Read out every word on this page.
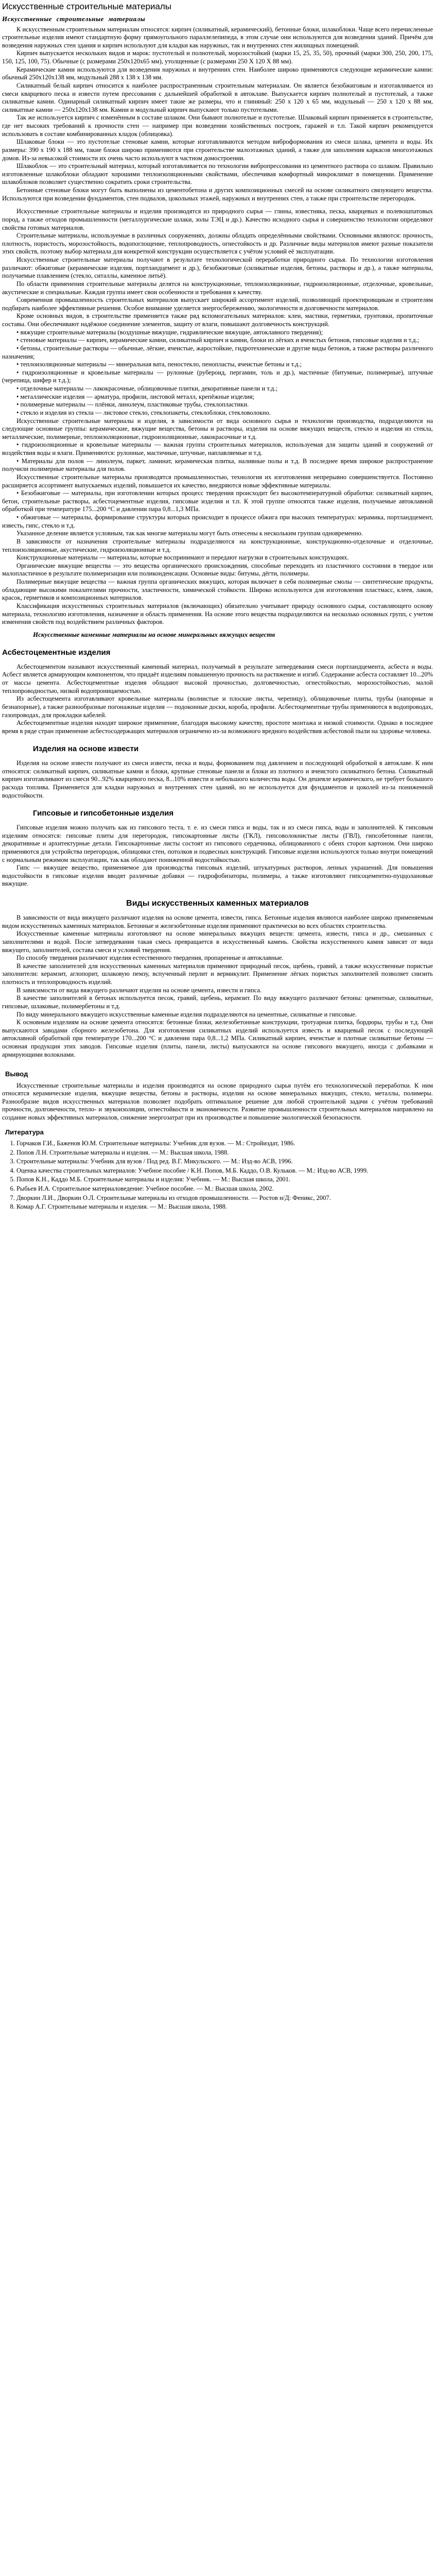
Искусственные строительные материалы
Искусственные строительные материалы

К искусственным строительным материалам относятся: кирпич (силикатный, керамический), бетонные блоки, шлакоблоки. Чаще всего перечисленные строительные изделия имеют стандартную форму прямоугольного параллелепипеда, в этом случае они используются для возведения зданий. Причём для возведения наружных стен здания и кирпич используют для кладки как наружных, так и внутренних стен жилищных помещений.

Кирпич выпускается нескольких видов и марок: пустотелый и полнотелый, морозостойкий (марки 15, 25, 35, 50), прочный (марки 300, 250, 200, 175, 150, 125, 100, 75). Обычные (с размерами 250х120х65 мм), утолщенные (с размерами 250 Х 120 Х 88 мм).

Керамические камни используются для возведения наружных и внутренних стен. Наиболее широко применяются следующие керамические камни: обычный 250х120х138 мм, модульный 288 х 138 х 138 мм.

Силикатный белый кирпич относится к наиболее распространенным строительным материалам. Он является безобжиговым и изготавливается из смеси кварцевого песка и извести путем прессования с дальнейшей обработкой в автоклаве. Выпускается кирпич полнотелый и пустотелый, а также силикатные камни. Одинарный силикатный кирпич имеет такие же размеры, что и глиняный: 250 х 120 х 65 мм, модульный — 250 х 120 х 88 мм, силикатные камни — 250х120х138 мм. Камни и модульный кирпич выпускают только пустотелыми.

Так же используется кирпич с изменённым в составе шлаком. Они бывают полнотелые и пустотелые. Шлаковый кирпич применяется в строительстве, где нет высоких требований к прочности стен — например при возведении хозяйственных построек, гаражей и т.п. Такой кирпич рекомендуется использовать в составе комбинированных кладок (облицовка).

Шлаковые блоки — это пустотелые стеновые камни, которые изготавливаются методом виброформования из смеси шлака, цемента и воды. Их размеры: 390 х 190 х 188 мм, такие блоки широко применяются при строительстве малоэтажных зданий, а также для заполнения каркасов многоэтажных домов. Из-за невысокой стоимости их очень часто используют в частном домостроении.

Шлакоблок — это строительный материал, который изготавливается по технологии вибропрессования из цементного раствора со шлаком. Правильно изготовленные шлакоблоки обладают хорошими теплоизоляционными свойствами, обеспечивая комфортный микроклимат в помещении. Применение шлакоблоков позволяет существенно сократить сроки строительства.

Бетонные стеновые блоки могут быть выполнены из цементобетона и других композиционных смесей на основе силикатного связующего вещества. Используются при возведении фундаментов, стен подвалов, цокольных этажей, наружных и внутренних стен, а также при строительстве перегородок.

Искусственные строительные материалы и изделия производятся из природного сырья — глины, известняка, песка, кварцевых и полевошпатовых пород, а также отходов промышленности (металлургические шлаки, золы ТЭЦ и др.). Качество исходного сырья и совершенство технологии определяют свойства готовых материалов.

Строительные материалы, используемые в различных сооружениях, должны обладать определёнными свойствами. Основными являются: прочность, плотность, пористость, морозостойкость, водопоглощение, теплопроводность, огнестойкость и др. Различные виды материалов имеют разные показатели этих свойств, поэтому выбор материала для конкретной конструкции осуществляется с учётом условий её эксплуатации.

Искусственные строительные материалы получают в результате технологической переработки природного сырья. По технологии изготовления различают: обжиговые (керамические изделия, портландцемент и др.), безобжиговые (силикатные изделия, бетоны, растворы и др.), а также материалы, получаемые плавлением (стекло, ситаллы, каменное литьё).

По области применения строительные материалы делятся на конструкционные, теплоизоляционные, гидроизоляционные, отделочные, кровельные, акустические и специальные. Каждая группа имеет свои особенности и требования к качеству.

Современная промышленность строительных материалов выпускает широкий ассортимент изделий, позволяющий проектировщикам и строителям подбирать наиболее эффективные решения. Особое внимание уделяется энергосбережению, экологичности и долговечности материалов.

Кроме основных видов, в строительстве применяется также ряд вспомогательных материалов: клеи, мастики, герметики, грунтовки, пропиточные составы. Они обеспечивают надёжное соединение элементов, защиту от влаги, повышают долговечность конструкций.

• вяжущие строительные материалы (воздушные вяжущие, гидравлические вяжущие, автоклавного твердения);

• стеновые материалы — кирпич, керамические камни, силикатный кирпич и камни, блоки из лёгких и ячеистых бетонов, гипсовые изделия и т.д.;

• бетоны, строительные растворы — обычные, лёгкие, ячеистые, жаростойкие, гидротехнические и другие виды бетонов, а также растворы различного назначения;

• теплоизоляционные материалы — минеральная вата, пеностекло, пенопласты, ячеистые бетоны и т.д.;

• гидроизоляционные и кровельные материалы — рулонные (рубероид, пергамин, толь и др.), мастичные (битумные, полимерные), штучные (черепица, шифер и т.д.);

• отделочные материалы — лакокрасочные, облицовочные плитки, декоративные панели и т.д.;

• металлические изделия — арматура, профили, листовой металл, крепёжные изделия;

• полимерные материалы — плёнки, линолеум, пластиковые трубы, стеклопластики.

• стекло и изделия из стекла — листовое стекло, стеклопакеты, стеклоблоки, стекловолокно.

Искусственные строительные материалы и изделия, в зависимости от вида основного сырья и технологии производства, подразделяются на следующие основные группы: керамические, вяжущие вещества, бетоны и растворы, изделия на основе вяжущих веществ, стекло и изделия из стекла, металлические, полимерные, теплоизоляционные, гидроизоляционные, лакокрасочные и т.д.

• гидроизоляционные и кровельные материалы — важная группа строительных материалов, используемая для защиты зданий и сооружений от воздействия воды и влаги. Применяются: рулонные, мастичные, штучные, наплавляемые и т.д.

• Материалы для полов — линолеум, паркет, ламинат, керамическая плитка, наливные полы и т.д. В последнее время широкое распространение получили полимерные материалы для полов.

Искусственные строительные материалы производятся промышленностью, технология их изготовления непрерывно совершенствуется. Постоянно расширяется ассортимент выпускаемых изделий, повышается их качество, внедряются новые эффективные материалы.

• Безобжиговые — материалы, при изготовлении которых процесс твердения происходит без высокотемпературной обработки: силикатный кирпич, бетон, строительные растворы, асбестоцементные изделия, гипсовые изделия и т.п. К этой группе относятся также изделия, получаемые автоклавной обработкой при температуре 175...200 °С и давлении пара 0,8...1,3 МПа.

• обжиговые — материалы, формирование структуры которых происходит в процессе обжига при высоких температурах: керамика, портландцемент, известь, гипс, стекло и т.д.

Указанное деление является условным, так как многие материалы могут быть отнесены к нескольким группам одновременно.

В зависимости от назначения строительные материалы подразделяются на конструкционные, конструкционно-отделочные и отделочные, теплоизоляционные, акустические, гидроизоляционные и т.д.

Конструкционные материалы — материалы, которые воспринимают и передают нагрузки в строительных конструкциях.

Органические вяжущие вещества — это вещества органического происхождения, способные переходить из пластичного состояния в твердое или малопластичное в результате полимеризации или поликонденсации. Основные виды: битумы, дёгти, полимеры.

Полимерные вяжущие вещества — важная группа органических вяжущих, которая включает в себя полимерные смолы — синтетические продукты, обладающие высокими показателями прочности, эластичности, химической стойкости. Широко используются для изготовления пластмасс, клеев, лаков, красок, герметиков и композиционных материалов.

Классификация искусственных строительных материалов (включающих) обязательно учитывает природу основного сырья, составляющего основу материала, технологию изготовления, назначение и область применения. На основе этого вещества подразделяются на несколько основных групп, с учетом изменения свойств под воздействием различных факторов.

Искусственные каменные материалы на основе минеральных вяжущих веществ
Асбестоцементные изделия

Асбестоцементом называют искусственный каменный материал, получаемый в результате затвердевания смеси портландцемента, асбеста и воды. Асбест является армирующим компонентом, что придаёт изделиям повышенную прочность на растяжение и изгиб. Содержание асбеста составляет 10...20% от массы цемента. Асбестоцементные изделия обладают высокой прочностью, долговечностью, огнестойкостью, морозостойкостью, малой теплопроводностью, низкой водопроницаемостью.

Из асбестоцемента изготавливают кровельные материалы (волнистые и плоские листы, черепицу), облицовочные плиты, трубы (напорные и безнапорные), а также разнообразные погонажные изделия — подоконные доски, короба, профили. Асбестоцементные трубы применяются в водопроводах, газопроводах, для прокладки кабелей.

Асбестоцементные изделия находят широкое применение, благодаря высокому качеству, простоте монтажа и низкой стоимости. Однако в последнее время в ряде стран применение асбестосодержащих материалов ограничено из-за возможного вредного воздействия асбестовой пыли на здоровье человека.

Изделия на основе извести

Изделия на основе извести получают из смеси извести, песка и воды, формованием под давлением и последующей обработкой в автоклаве. К ним относятся: силикатный кирпич, силикатные камни и блоки, крупные стеновые панели и блоки из плотного и ячеистого силикатного бетона. Силикатный кирпич изготавливают из смеси 90...92% кварцевого песка, 8...10% извести и небольшого количества воды. Он дешевле керамического, не требует большого расхода топлива. Применяется для кладки наружных и внутренних стен зданий, но не используется для фундаментов и цоколей из-за пониженной водостойкости.

Гипсовые и гипсобетонные изделия

Гипсовые изделия можно получать как из гипсового теста, т. е. из смеси гипса и воды, так и из смеси гипса, воды и заполнителей. К гипсовым изделиям относятся: гипсовые плиты для перегородок, гипсокартонные листы (ГКЛ), гипсоволокнистые листы (ГВЛ), гипсобетонные панели, декоративные и архитектурные детали. Гипсокартонные листы состоят из гипсового сердечника, облицованного с обеих сторон картоном. Они широко применяются для устройства перегородок, облицовки стен, потолков и подвесных конструкций. Гипсовые изделия используются только внутри помещений с нормальным режимом эксплуатации, так как обладают пониженной водостойкостью.

Гипс — вяжущее вещество, применяемое для производства гипсовых изделий, штукатурных растворов, лепных украшений. Для повышения водостойкости в гипсовые изделия вводят различные добавки — гидрофобизаторы, полимеры, а также изготовляют гипсоцементно-пуццолановые вяжущие.

Виды искусственных каменных материалов

В зависимости от вида вяжущего различают изделия на основе цемента, извести, гипса. Бетонные изделия являются наиболее широко применяемым видом искусственных каменных материалов. Бетонные и железобетонные изделия применяют практически во всех областях строительства.

Искусственные каменные материалы изготовляют на основе минеральных вяжущих веществ: цемента, извести, гипса и др., смешанных с заполнителями и водой. После затвердевания такая смесь превращается в искусственный камень. Свойства искусственного камня зависят от вида вяжущего, заполнителей, состава смеси и условий твердения.

По способу твердения различают изделия естественного твердения, пропаренные и автоклавные.

В качестве заполнителей для искусственных каменных материалов применяют природный песок, щебень, гравий, а также искусственные пористые заполнители: керамзит, аглопорит, шлаковую пемзу, вспученный перлит и вермикулит. Применение лёгких пористых заполнителей позволяет снизить плотность и теплопроводность изделий.

В зависимости от вида вяжущего различают изделия на основе цемента, извести и гипса.

В качестве заполнителей в бетонах используется песок, гравий, щебень, керамзит. По виду вяжущего различают бетоны: цементные, силикатные, гипсовые, шлаковые, полимербетоны и т.д.

По виду минерального вяжущего искусственные каменные изделия подразделяются на цементные, силикатные и гипсовые.

К основным изделиям на основе цемента относятся: бетонные блоки, железобетонные конструкции, тротуарная плитка, бордюры, трубы и т.д. Они выпускаются заводами сборного железобетона. Для изготовления силикатных изделий используется известь и кварцевый песок с последующей автоклавной обработкой при температуре 170...200 °С и давлении пара 0,8...1,2 МПа. Силикатный кирпич, ячеистые и плотные силикатные бетоны — основная продукция этих заводов. Гипсовые изделия (плиты, панели, листы) выпускаются на основе гипсового вяжущего, иногда с добавками и армирующими волокнами.

Вывод

Искусственные строительные материалы и изделия производятся на основе природного сырья путём его технологической переработки. К ним относятся керамические изделия, вяжущие вещества, бетоны и растворы, изделия на основе минеральных вяжущих, стекло, металлы, полимеры. Разнообразие видов искусственных материалов позволяет подобрать оптимальное решение для любой строительной задачи с учётом требований прочности, долговечности, тепло- и звукоизоляции, огнестойкости и экономичности. Развитие промышленности строительных материалов направлено на создание новых эффективных материалов, снижение энергозатрат при их производстве и повышение экологической безопасности.

Литература
1. Горчаков Г.И., Баженов Ю.М. Строительные материалы: Учебник для вузов. — М.: Стройиздат, 1986.
2. Попов Л.Н. Строительные материалы и изделия. — М.: Высшая школа, 1988.
3. Строительные материалы: Учебник для вузов / Под ред. В.Г. Микульского. — М.: Изд-во АСВ, 1996.
4. Оценка качества строительных материалов: Учебное пособие / К.Н. Попов, М.Б. Каддо, О.В. Кульков. — М.: Изд-во АСВ, 1999.
5. Попов К.Н., Каддо М.Б. Строительные материалы и изделия: Учебник. — М.: Высшая школа, 2001.
6. Рыбьев И.А. Строительное материаловедение: Учебное пособие. — М.: Высшая школа, 2002.
7. Дворкин Л.И., Дворкин О.Л. Строительные материалы из отходов промышленности. — Ростов н/Д: Феникс, 2007.
8. Комар А.Г. Строительные материалы и изделия. — М.: Высшая школа, 1988.
